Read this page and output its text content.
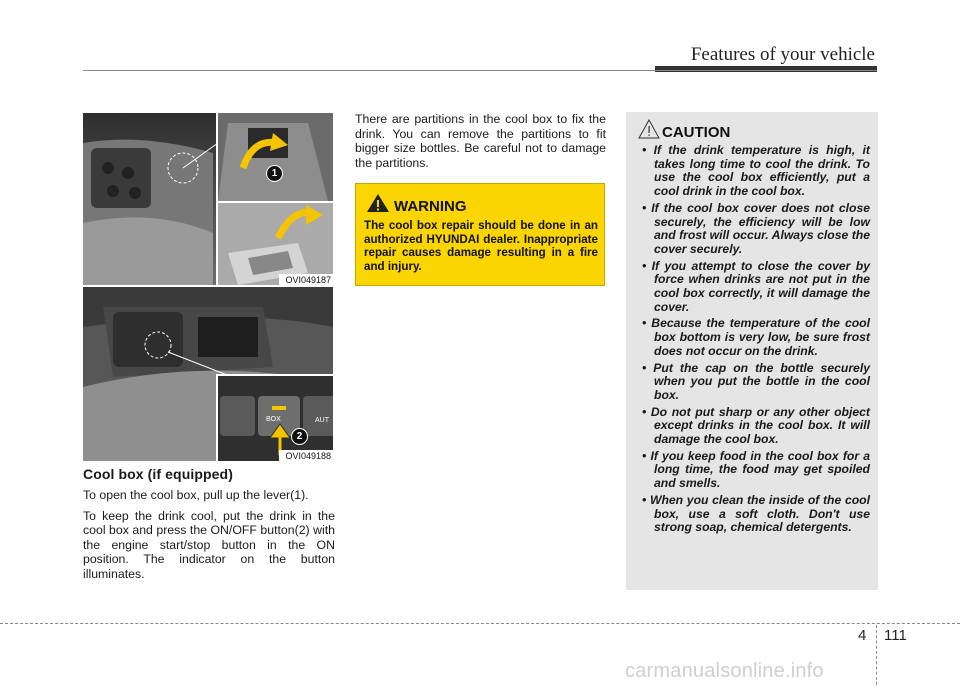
Features of your vehicle
1
OVI049187
BOX	AUT
2
OVI049188

Cool box (if equipped)

To open the cool box, pull up the lever(1).

To keep the drink cool, put the drink in the cool box and press the ON/OFF button(2) with the engine start/stop button in the ON position. The indicator on the button illuminates.

There are partitions in the cool box to fix the drink. You can remove the partitions to fit bigger size bottles. Be careful not to damage the partitions.

WARNING
The cool box repair should be done in an authorized HYUNDAI dealer. Inappropriate repair causes damage resulting in a fire and injury.
CAUTION
• If the drink temperature is high, it takes long time to cool the drink. To use the cool box efficiently, put a cool drink in the cool box.
• If the cool box cover does not close securely, the efficiency will be low and frost will occur. Always close the cover securely.
• If you attempt to close the cover by force when drinks are not put in the cool box correctly, it will damage the cover.
• Because the temperature of the cool box bottom is very low, be sure frost does not occur on the drink.
• Put the cap on the bottle securely when you put the bottle in the cool box.
• Do not put sharp or any other object except drinks in the cool box. It will damage the cool box.
• If you keep food in the cool box for a long time, the food may get spoiled and smells.
• When you clean the inside of the cool box, use a soft cloth. Don't use strong soap, chemical detergents.
4 111
carmanualsonline.info
